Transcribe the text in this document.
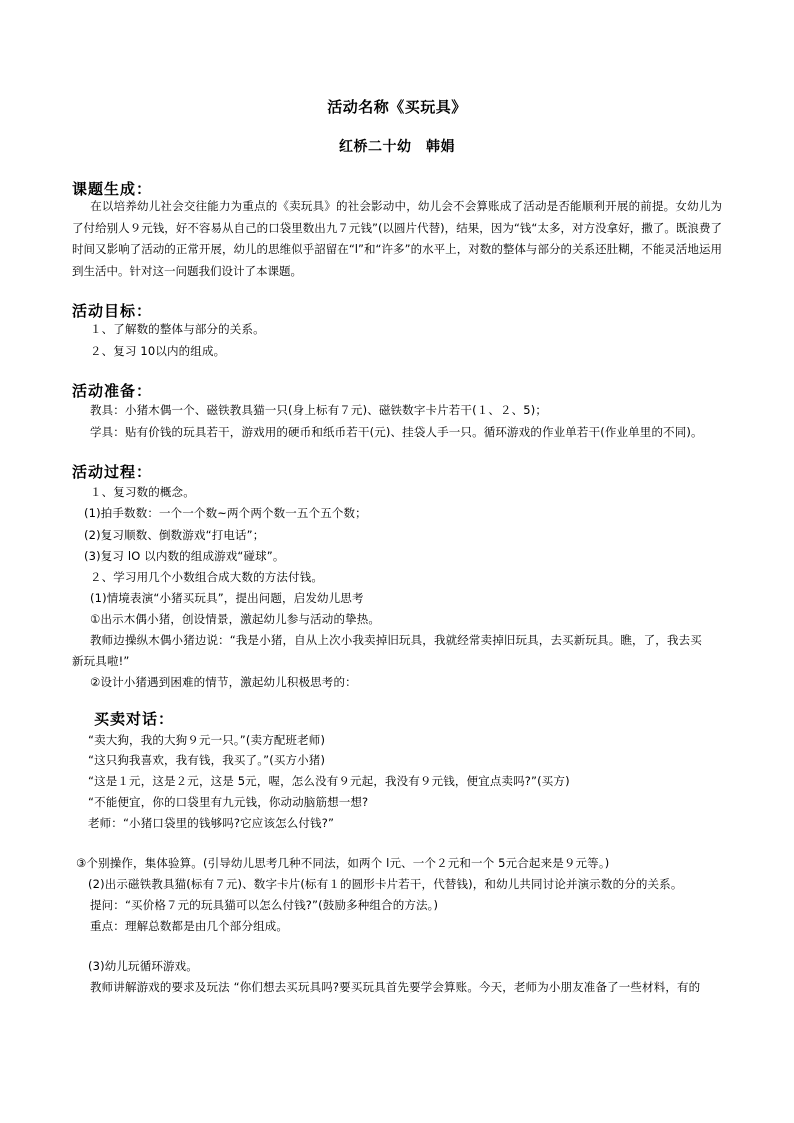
活动名称《买玩具》
红桥二十幼　韩娟
课题生成：
在以培养幼儿社会交往能力为重点的《卖玩具》的社会影动中，幼儿会不会算账成了活动是否能顺利开展的前提。女幼儿为了付给别人９元钱，好不容易从自己的口袋里数出九７元钱”(以圆片代替)，结果，因为“钱“太多，对方没拿好，撒了。既浪费了时间又影响了活动的正常开展，幼儿的思维似乎詔留在“l”和“许多”的水平上，对数的整体与部分的关系还肚糊，不能灵活地运用到生活中。针对这一问题我们设计了本课题。
活动目标：
１、了解数的整体与部分的关系。
２、复习 10以内的组成。
活动准备：
教具：小猪木偶一个、磁铁教具猫一只(身上标有７元)、磁铁数字卡片若干(１、２、5)；
学具：贴有价钱的玩具若干，游戏用的硬币和纸币若干(元)、挂袋人手一只。循环游戏的作业单若干(作业单里的不同)。
活动过程：
１、复习数的概念。
(1)拍手数数：一个一个数~两个两个数一五个五个数；
(2)复习顺数、倒数游戏“打电话”；
(3)复习 lO 以内数的组成游戏“碰球”。
２、学习用几个小数组合成大数的方法付钱。
(1)情境表演“小猪买玩具”，提出问题，启发幼儿思考
①出示木偶小猪，创设情景，激起幼儿参与活动的挚热。
教师边操纵木偶小猪边说：“我是小猪，自从上次小我卖掉旧玩具，我就经常卖掉旧玩具，去买新玩具。瞧，了，我去买
新玩具啦!”
②设计小猪遇到困难的情节，激起幼儿积极思考的：
买卖对话：
“卖大狗，我的大狗９元一只。”(卖方配班老师)
“这只狗我喜欢，我有钱，我买了。”(买方小猪)
“这是１元，这是２元，这是 5元，喔，怎么没有９元起，我没有９元钱，便宜点卖吗?”(买方)
“不能便宜，你的口袋里有九元钱，你动动脑筋想一想?
老师：“小猪口袋里的钱够吗?它应该怎么付钱?”
③个别操作，集体验算。(引导幼儿思考几种不同法，如两个 l元、一个２元和一个 5元合起来是９元等。)
(2)出示磁铁教具猫(标有７元)、数字卡片(标有１的圆形卡片若干，代替钱)，和幼儿共同讨论并演示数的分的关系。
提问：“买价格７元的玩具猫可以怎么付钱?”(鼓励多种组合的方法。)
重点：理解总数都是由几个部分组成。
(3)幼儿玩循环游戏。
教师讲解游戏的要求及玩法 “你们想去买玩具吗?要买玩具首先要学会算账。今天，老师为小朋友准备了一些材料，有的
